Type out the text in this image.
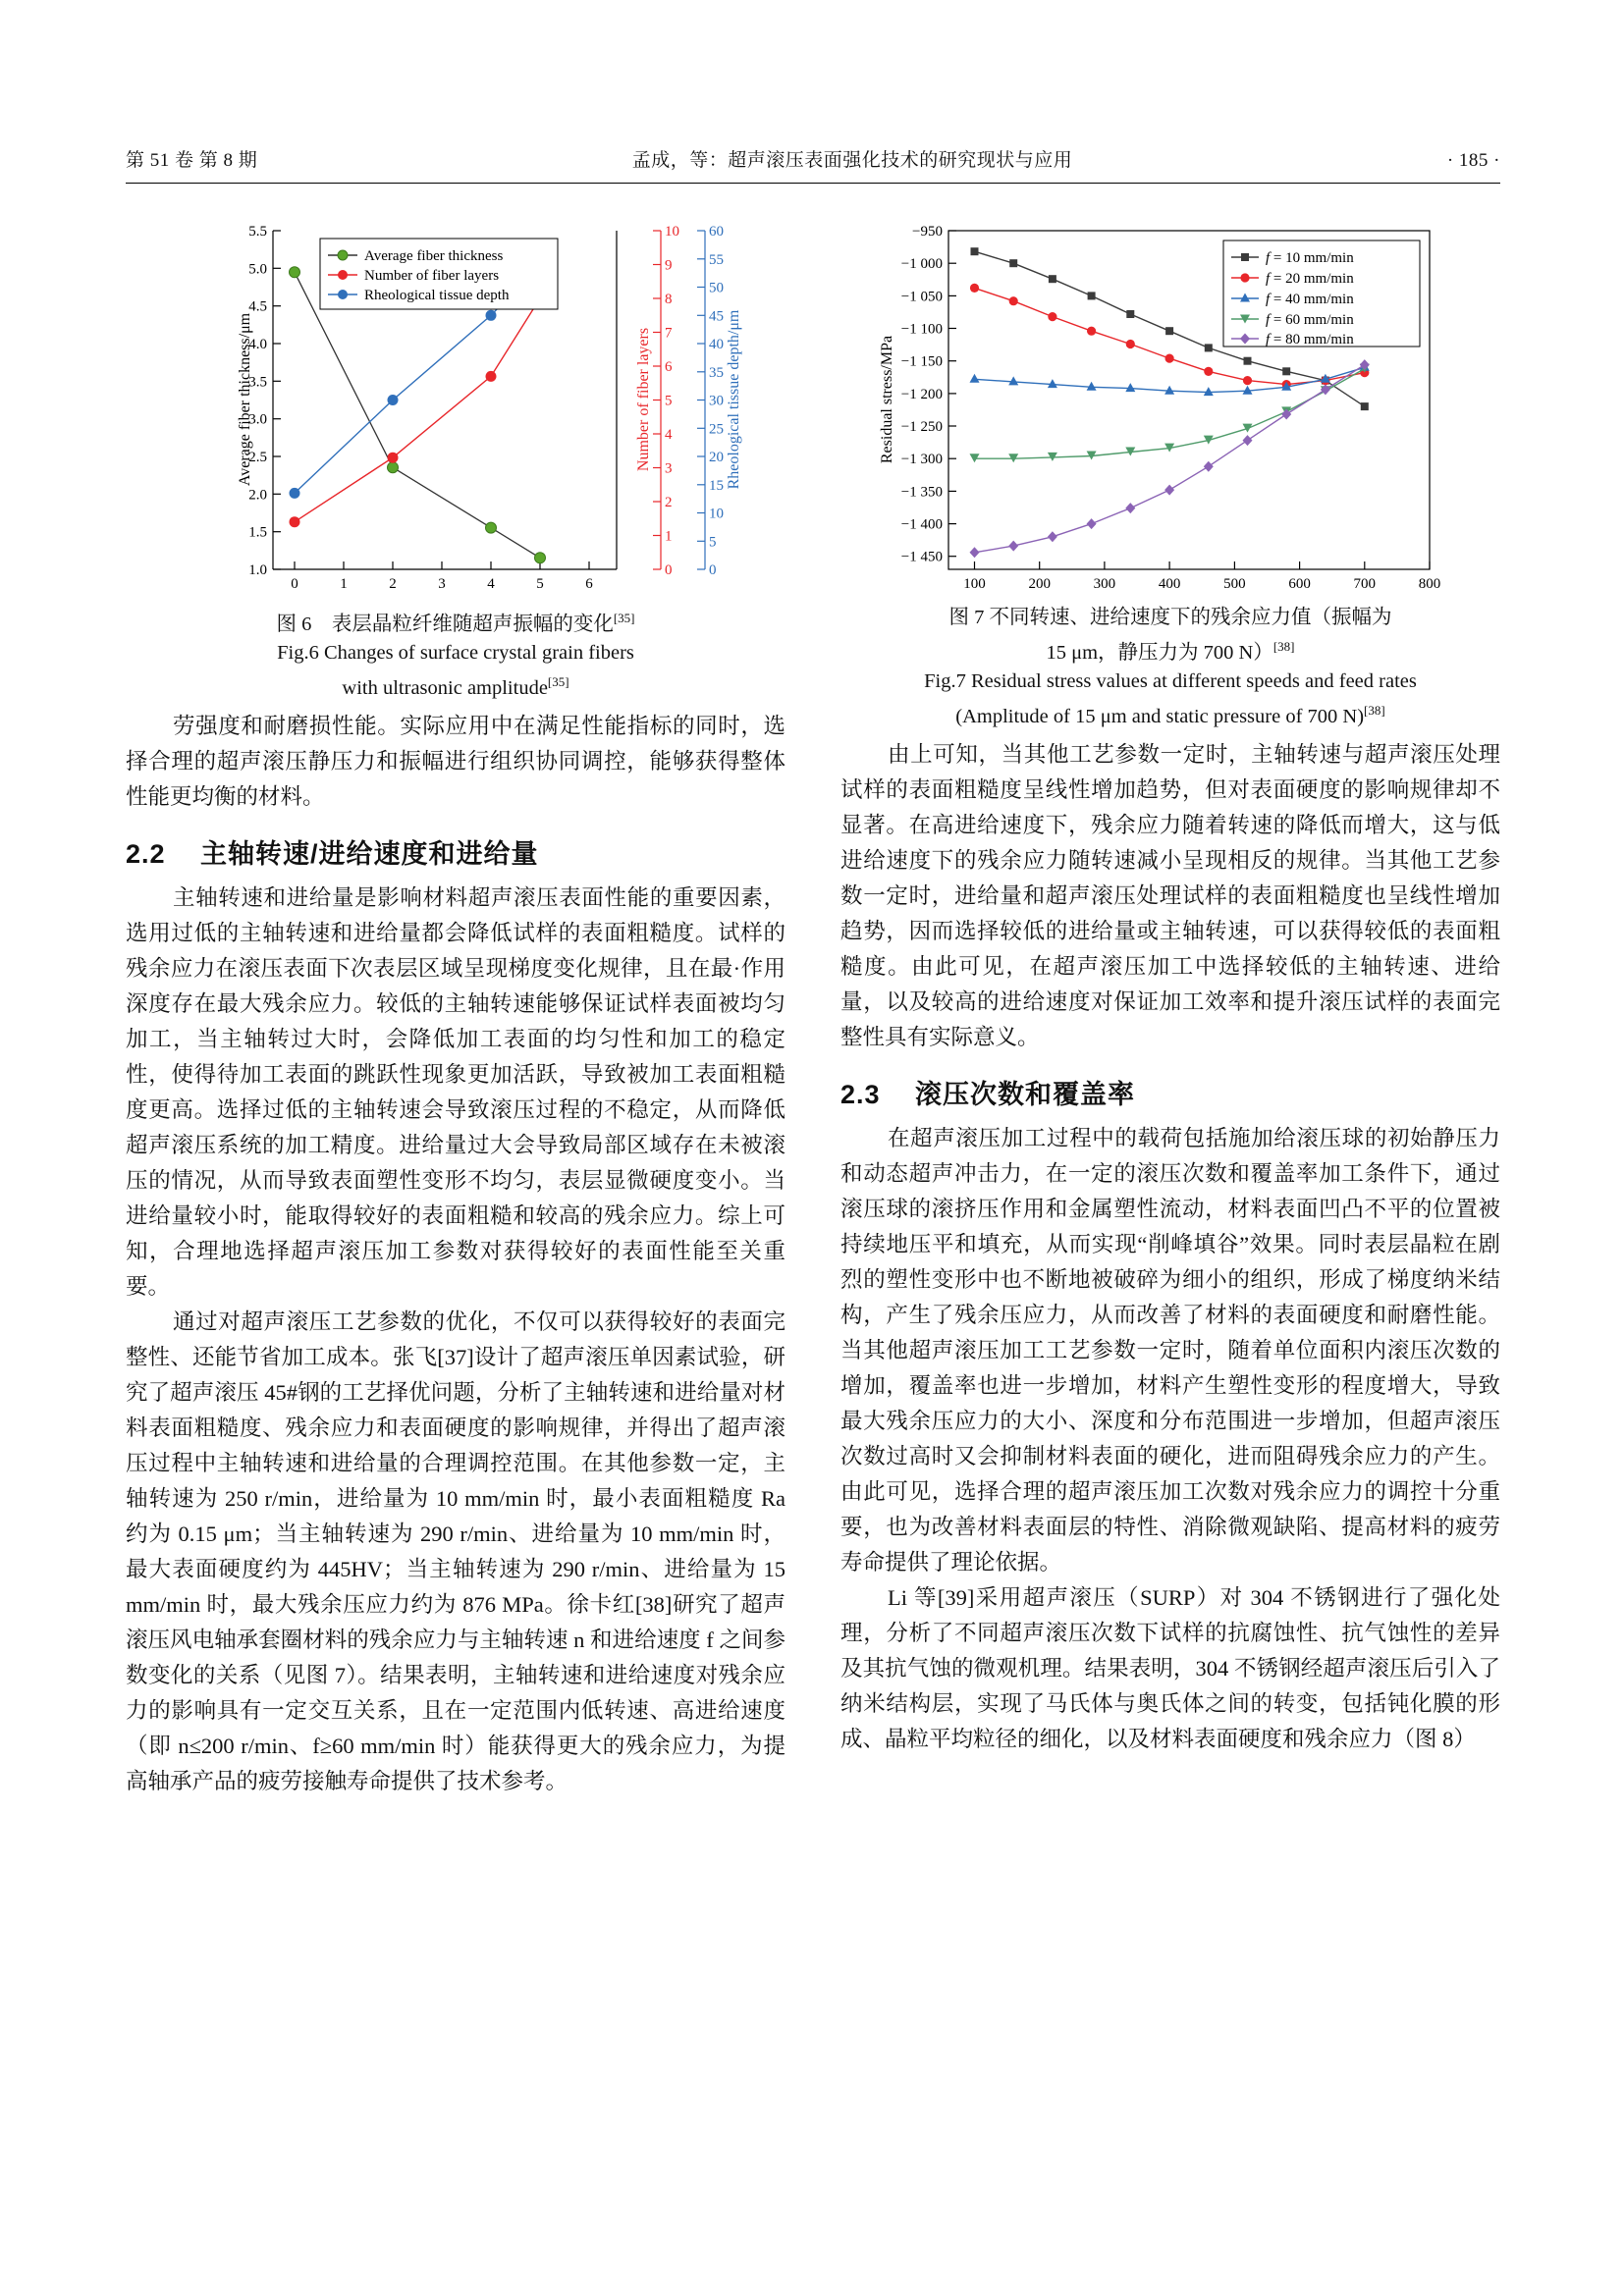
第 51 卷 第 8 期	孟成，等：超声滚压表面强化技术的研究现状与应用	· 185 ·
1.0
1.5
2.0
2.5
3.0
3.5
4.0
4.5
5.0
5.5
0	1	2	3	4	5	6
0
1
2
3
4
5
6
7
8
9
10
0
5
10
15
20
25
30
35
40
45
50
55
60
Average fiber thickness/μm	Number of fiber layers	Rheological tissue depth/μm
Average fiber thickness
Number of fiber layers
Rheological tissue depth
图 6　表层晶粒纤维随超声振幅的变化[35]
Fig.6 Changes of surface crystal grain fibers
with ultrasonic amplitude[35]

劳强度和耐磨损性能。实际应用中在满足性能指标的同时，选择合理的超声滚压静压力和振幅进行组织协同调控，能够获得整体性能更均衡的材料。

2.2 主轴转速/进给速度和进给量

主轴转速和进给量是影响材料超声滚压表面性能的重要因素，选用过低的主轴转速和进给量都会降低试样的表面粗糙度。试样的残余应力在滚压表面下次表层区域呈现梯度变化规律，且在最·作用深度存在最大残余应力。较低的主轴转速能够保证试样表面被均匀加工，当主轴转过大时，会降低加工表面的均匀性和加工的稳定性，使得待加工表面的跳跃性现象更加活跃，导致被加工表面粗糙度更高。选择过低的主轴转速会导致滚压过程的不稳定，从而降低超声滚压系统的加工精度。进给量过大会导致局部区域存在未被滚压的情况，从而导致表面塑性变形不均匀，表层显微硬度变小。当进给量较小时，能取得较好的表面粗糙和较高的残余应力。综上可知，合理地选择超声滚压加工参数对获得较好的表面性能至关重要。

通过对超声滚压工艺参数的优化，不仅可以获得较好的表面完整性、还能节省加工成本。张飞[37]设计了超声滚压单因素试验，研究了超声滚压 45#钢的工艺择优问题，分析了主轴转速和进给量对材料表面粗糙度、残余应力和表面硬度的影响规律，并得出了超声滚压过程中主轴转速和进给量的合理调控范围。在其他参数一定，主轴转速为 250 r/min，进给量为 10 mm/min 时，最小表面粗糙度 Ra 约为 0.15 μm；当主轴转速为 290 r/min、进给量为 10 mm/min 时，最大表面硬度约为 445HV；当主轴转速为 290 r/min、进给量为 15 mm/min 时，最大残余压应力约为 876 MPa。徐卡红[38]研究了超声滚压风电轴承套圈材料的残余应力与主轴转速 n 和进给速度 f 之间参数变化的关系（见图 7）。结果表明，主轴转速和进给速度对残余应力的影响具有一定交互关系，且在一定范围内低转速、高进给速度（即 n≤200 r/min、f≥60 mm/min 时）能获得更大的残余应力，为提高轴承产品的疲劳接触寿命提供了技术参考。

−950
−1 000
−1 050
−1 100
−1 150
−1 200
−1 250
−1 300
−1 350
−1 400
−1 450
100	200	300	400	500	600	700	800
Residual stress/MPa
f = 10 mm/min
f = 20 mm/min
f = 40 mm/min
f = 60 mm/min
f = 80 mm/min
图 7 不同转速、进给速度下的残余应力值（振幅为
15 μm，静压力为 700 N）[38]
Fig.7 Residual stress values at different speeds and feed rates
(Amplitude of 15 μm and static pressure of 700 N)[38]

由上可知，当其他工艺参数一定时，主轴转速与超声滚压处理试样的表面粗糙度呈线性增加趋势，但对表面硬度的影响规律却不显著。在高进给速度下，残余应力随着转速的降低而增大，这与低进给速度下的残余应力随转速减小呈现相反的规律。当其他工艺参数一定时，进给量和超声滚压处理试样的表面粗糙度也呈线性增加趋势，因而选择较低的进给量或主轴转速，可以获得较低的表面粗糙度。由此可见，在超声滚压加工中选择较低的主轴转速、进给量，以及较高的进给速度对保证加工效率和提升滚压试样的表面完整性具有实际意义。

2.3 滚压次数和覆盖率

在超声滚压加工过程中的载荷包括施加给滚压球的初始静压力和动态超声冲击力，在一定的滚压次数和覆盖率加工条件下，通过滚压球的滚挤压作用和金属塑性流动，材料表面凹凸不平的位置被持续地压平和填充，从而实现“削峰填谷”效果。同时表层晶粒在剧烈的塑性变形中也不断地被破碎为细小的组织，形成了梯度纳米结构，产生了残余压应力，从而改善了材料的表面硬度和耐磨性能。当其他超声滚压加工工艺参数一定时，随着单位面积内滚压次数的增加，覆盖率也进一步增加，材料产生塑性变形的程度增大，导致最大残余压应力的大小、深度和分布范围进一步增加，但超声滚压次数过高时又会抑制材料表面的硬化，进而阻碍残余应力的产生。由此可见，选择合理的超声滚压加工次数对残余应力的调控十分重要，也为改善材料表面层的特性、消除微观缺陷、提高材料的疲劳寿命提供了理论依据。

Li 等[39]采用超声滚压（SURP）对 304 不锈钢进行了强化处理，分析了不同超声滚压次数下试样的抗腐蚀性、抗气蚀性的差异及其抗气蚀的微观机理。结果表明，304 不锈钢经超声滚压后引入了纳米结构层，实现了马氏体与奥氏体之间的转变，包括钝化膜的形成、晶粒平均粒径的细化，以及材料表面硬度和残余应力（图 8）
